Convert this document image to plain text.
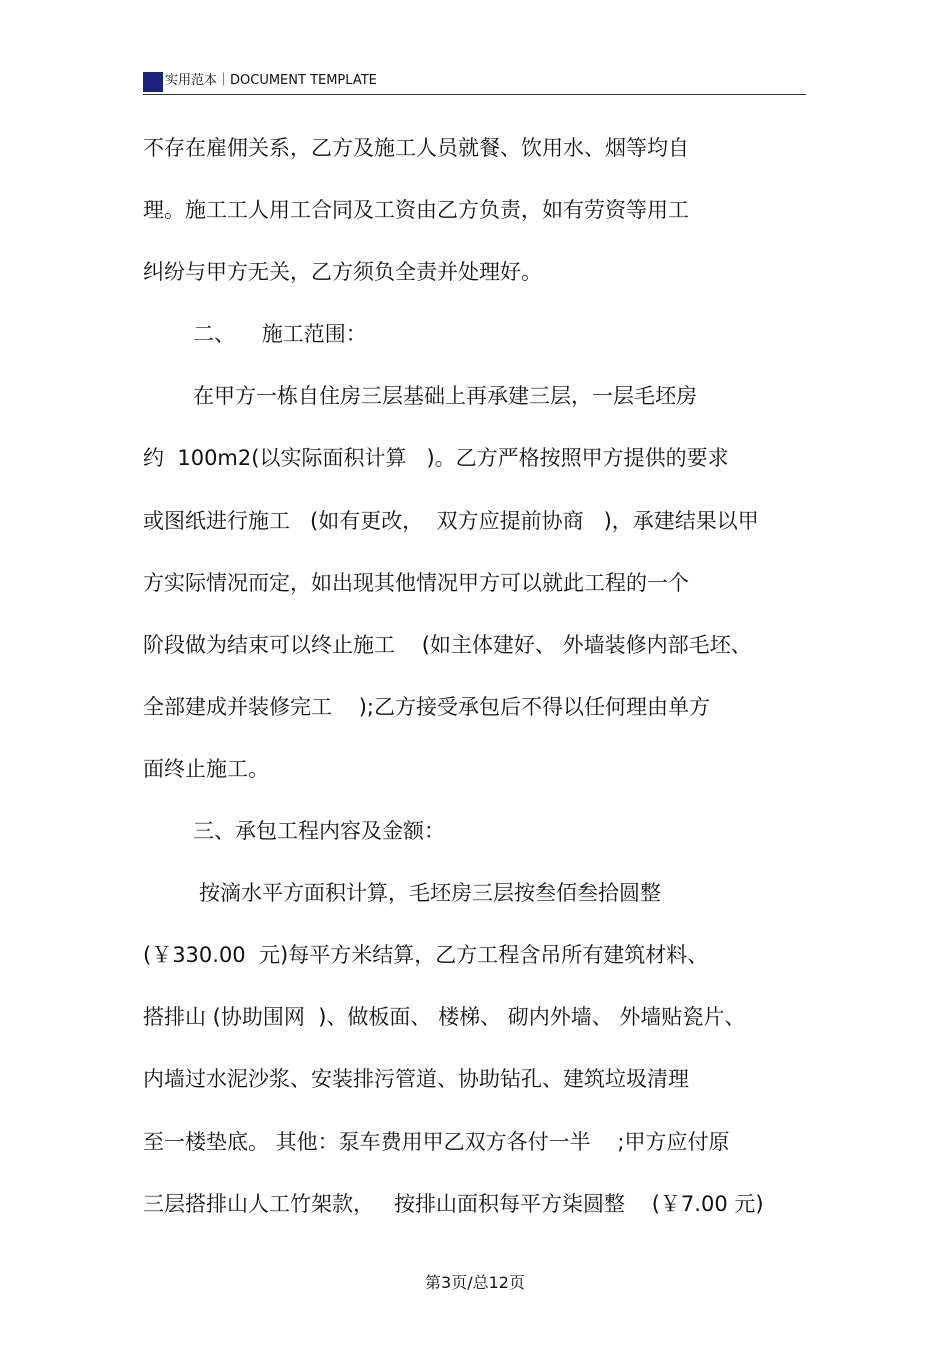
实用范本｜DOCUMENT TEMPLATE
不存在雇佣关系，乙方及施工人员就餐、饮用水、烟等均自
理。施工工人用工合同及工资由乙方负责，如有劳资等用工
纠纷与甲方无关，乙方须负全责并处理好。
二、    施工范围：
在甲方一栋自住房三层基础上再承建三层，一层毛坯房
约  100m2(以实际面积计算   )。乙方严格按照甲方提供的要求
或图纸进行施工   (如有更改，  双方应提前协商   )，承建结果以甲
方实际情况而定，如出现其他情况甲方可以就此工程的一个
阶段做为结束可以终止施工    (如主体建好、 外墙装修内部毛坯、
全部建成并装修完工    );乙方接受承包后不得以任何理由单方
面终止施工。
三、承包工程内容及金额：
按滴水平方面积计算，毛坯房三层按叁佰叁拾圆整
(￥330.00  元)每平方米结算，乙方工程含吊所有建筑材料、
搭排山 (协助围网  )、做板面、 楼梯、 砌内外墙、 外墙贴瓷片、
内墙过水泥沙浆、安装排污管道、协助钻孔、建筑垃圾清理
至一楼垫底。 其他：泵车费用甲乙双方各付一半    ;甲方应付原
三层搭排山人工竹架款，   按排山面积每平方柒圆整    (￥7.00 元)
第3页/总12页
